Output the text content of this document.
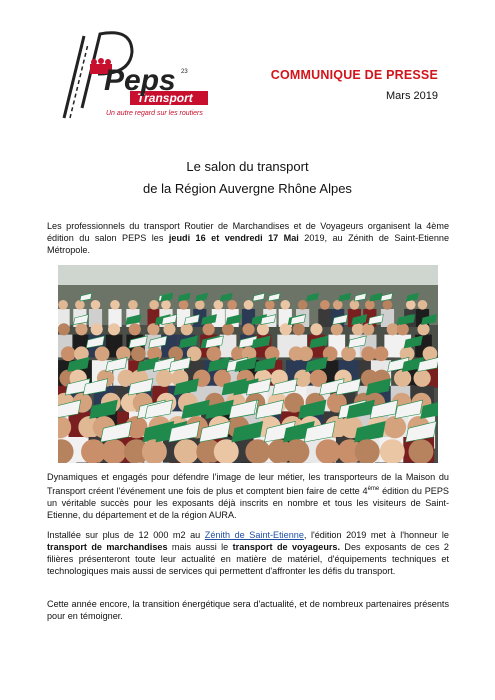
Transport
Peps 23
Un autre regard sur les routiers
COMMUNIQUE DE PRESSE
Mars 2019
Le salon du transport
de la Région Auvergne Rhône Alpes
Les professionnels du transport Routier de Marchandises et de Voyageurs organisent la 4ème édition du salon PEPS les jeudi 16 et vendredi 17 Mai 2019, au Zénith de Saint-Etienne Métropole.
Dynamiques et engagés pour défendre l'image de leur métier, les transporteurs de la Maison du Transport créent l'événement une fois de plus et comptent bien faire de cette 4ème édition du PEPS un véritable succès pour les exposants déjà inscrits en nombre et tous les visiteurs de Saint-Etienne, du département et de la région AURA.
Installée sur plus de 12 000 m2 au Zénith de Saint-Etienne, l'édition 2019 met à l'honneur le transport de marchandises mais aussi le transport de voyageurs. Des exposants de ces 2 filières présenteront toute leur actualité en matière de matériel, d'équipements techniques et technologiques mais aussi de services qui permettent d'affronter les défis du transport.
Cette année encore, la transition énergétique sera d'actualité, et de nombreux partenaires présents pour en témoigner.
